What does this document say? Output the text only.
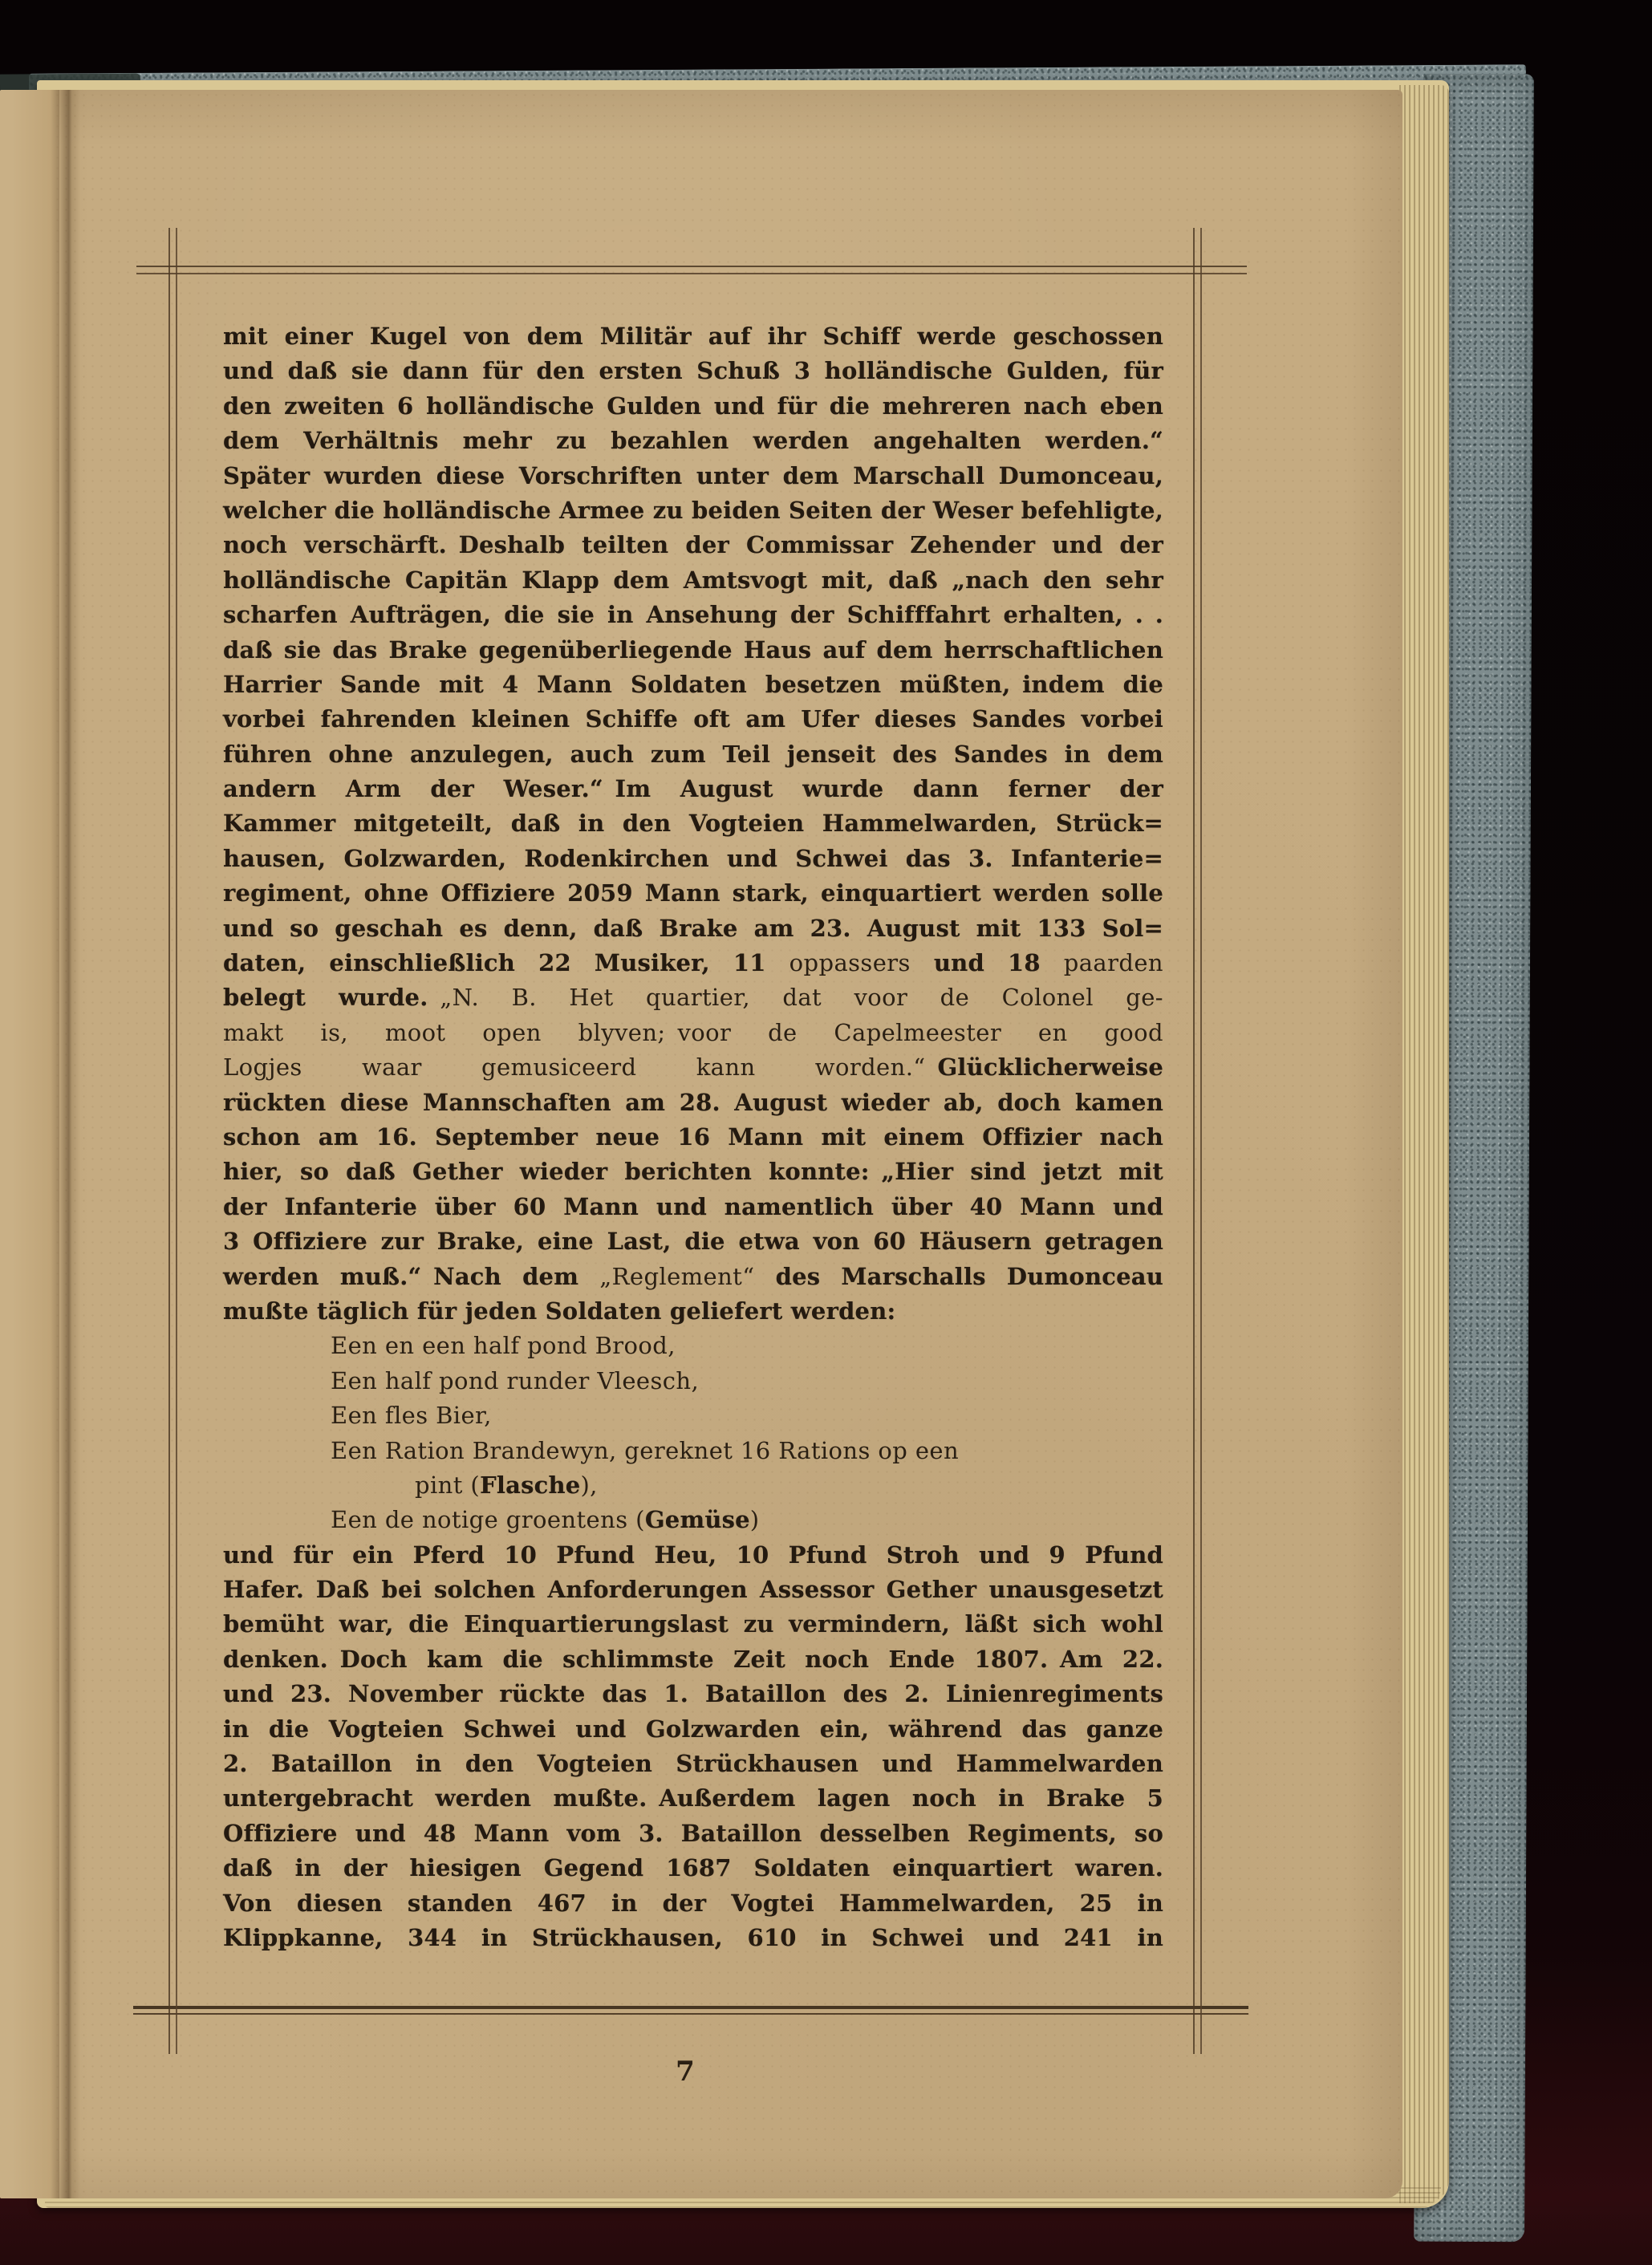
mit einer Kugel von dem Militär auf ihr Schiff werde geschossen
und daß sie dann für den ersten Schuß 3 holländische Gulden, für
den zweiten 6 holländische Gulden und für die mehreren nach eben
dem Verhältnis mehr zu bezahlen werden angehalten werden.“
Später wurden diese Vorschriften unter dem Marschall Dumonceau,
welcher die holländische Armee zu beiden Seiten der Weser befehligte,
noch verschärft. Deshalb teilten der Commissar Zehender und der
holländische Capitän Klapp dem Amtsvogt mit, daß „nach den sehr
scharfen Aufträgen, die sie in Ansehung der Schifffahrt erhalten, . .
daß sie das Brake gegenüberliegende Haus auf dem herrschaftlichen
Harrier Sande mit 4 Mann Soldaten besetzen müßten, indem die
vorbei fahrenden kleinen Schiffe oft am Ufer dieses Sandes vorbei
führen ohne anzulegen, auch zum Teil jenseit des Sandes in dem
andern Arm der Weser.“ Im August wurde dann ferner der
Kammer mitgeteilt, daß in den Vogteien Hammelwarden, Strück=
hausen, Golzwarden, Rodenkirchen und Schwei das 3. Infanterie=
regiment, ohne Offiziere 2059 Mann stark, einquartiert werden solle
und so geschah es denn, daß Brake am 23. August mit 133 Sol=
daten, einschließlich 22 Musiker, 11 oppassers und 18 paarden
belegt wurde. „N. B. Het quartier, dat voor de Colonel ge-
makt is, moot open blyven; voor de Capelmeester en good
Logjes waar gemusiceerd kann worden.“ Glücklicherweise
rückten diese Mannschaften am 28. August wieder ab, doch kamen
schon am 16. September neue 16 Mann mit einem Offizier nach
hier, so daß Gether wieder berichten konnte: „Hier sind jetzt mit
der Infanterie über 60 Mann und namentlich über 40 Mann und
3 Offiziere zur Brake, eine Last, die etwa von 60 Häusern getragen
werden muß.“ Nach dem „Reglement“ des Marschalls Dumonceau
mußte täglich für jeden Soldaten geliefert werden:
Een en een half pond Brood,
Een half pond runder Vleesch,
Een fles Bier,
Een Ration Brandewyn, gereknet 16 Rations op een
pint (Flasche),
Een de notige groentens (Gemüse)
und für ein Pferd 10 Pfund Heu, 10 Pfund Stroh und 9 Pfund
Hafer. Daß bei solchen Anforderungen Assessor Gether unausgesetzt
bemüht war, die Einquartierungslast zu vermindern, läßt sich wohl
denken. Doch kam die schlimmste Zeit noch Ende 1807. Am 22.
und 23. November rückte das 1. Bataillon des 2. Linienregiments
in die Vogteien Schwei und Golzwarden ein, während das ganze
2. Bataillon in den Vogteien Strückhausen und Hammelwarden
untergebracht werden mußte. Außerdem lagen noch in Brake 5
Offiziere und 48 Mann vom 3. Bataillon desselben Regiments, so
daß in der hiesigen Gegend 1687 Soldaten einquartiert waren.
Von diesen standen 467 in der Vogtei Hammelwarden, 25 in
Klippkanne, 344 in Strückhausen, 610 in Schwei und 241 in
7
